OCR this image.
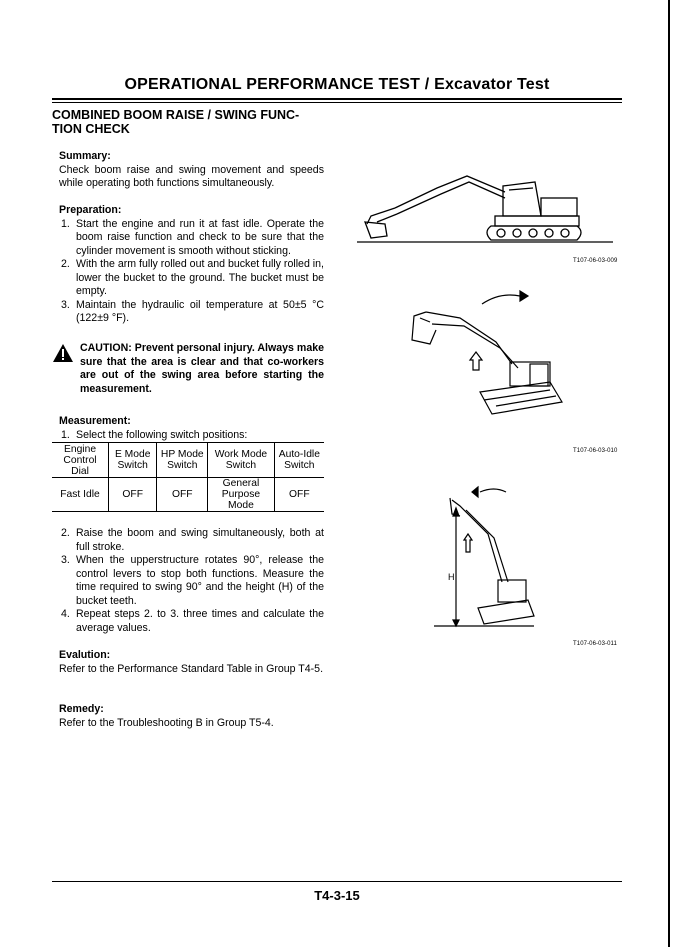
OPERATIONAL PERFORMANCE TEST / Excavator Test
COMBINED BOOM RAISE / SWING FUNC-
TION CHECK
Summary:
Check boom raise and swing movement and speeds while operating both functions simultaneously.
Preparation:
1. Start the engine and run it at fast idle. Operate the boom raise function and check to be sure that the cylinder movement is smooth without sticking.
2. With the arm fully rolled out and bucket fully rolled in, lower the bucket to the ground. The bucket must be empty.
3. Maintain the hydraulic oil temperature at 50±5 °C (122±9 °F).
CAUTION: Prevent personal injury. Always make sure that the area is clear and that co-workers are out of the swing area before starting the measurement.
Measurement:
1. Select the following switch positions:
Engine Control Dial	E Mode Switch	HP Mode Switch	Work Mode Switch	Auto-Idle Switch
Fast Idle	OFF	OFF	General Purpose Mode	OFF
2. Raise the boom and swing simultaneously, both at full stroke.
3. When the upperstructure rotates 90°, release the control levers to stop both functions. Measure the time required to swing 90° and the height (H) of the bucket teeth.
4. Repeat steps 2. to 3. three times and calculate the average values.
Evalution:
Refer to the Performance Standard Table in Group T4-5.
Remedy:
Refer to the Troubleshooting B in Group T5-4.
T107-06-03-009
T107-06-03-010
H
T107-06-03-011
T4-3-15
